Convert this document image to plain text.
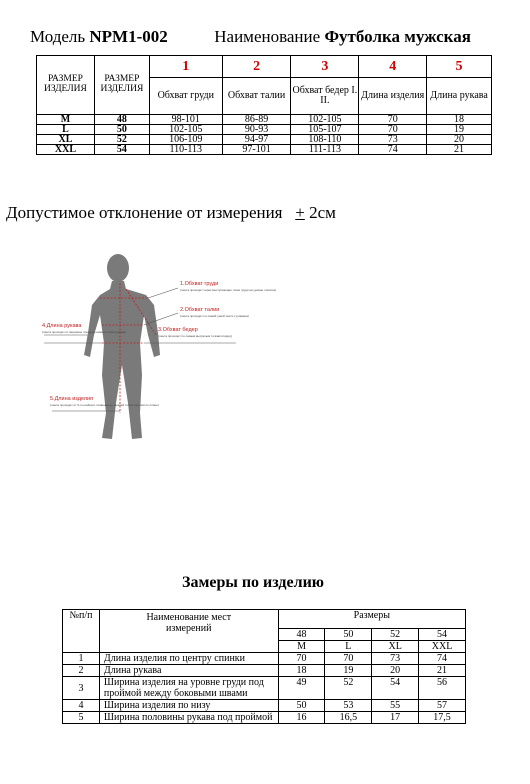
Модель NPM1-002	Наименование Футболка мужская
РАЗМЕР ИЗДЕЛИЯ	РАЗМЕР ИЗДЕЛИЯ	1	2	3	4	5
		Обхват груди	Обхват талии	Обхват бедер I. II.	Длина изделия	Длина рукава
M	48	98-101	86-89	102-105	70	18
L	50	102-105	90-93	105-107	70	19
XL	52	106-109	94-97	108-110	73	20
XXL	54	110-113	97-101	111-113	74	21
Допустимое отклонение от измерения + 2см
1.Обхват груди
(лента проходит через выступающие точки груди на уровне лопаток)
2.Обхват талии
(лента проходит по самой узкой части туловища)
3.Обхват бедер
(лента проходит по самым выпуклым точкам ягодиц)
4.Длина рукава
(лента проходит от вершины плеча до нижнего края рукава)
5.Длина изделия
(лента проходит от 6-го шейного позвонка до нижней точки изделия по спине)
Замеры по изделию
№п/п	Наименование мест измерений	Размеры			
		48	50	52	54
		M	L	XL	XXL
1	Длина изделия по центру спинки	70	70	73	74
2	Длина рукава	18	19	20	21
3	Ширина изделия на уровне груди под проймой между боковыми швами	49	52	54	56
4	Ширина изделия по низу	50	53	55	57
5	Ширина половины рукава под проймой	16	16,5	17	17,5
